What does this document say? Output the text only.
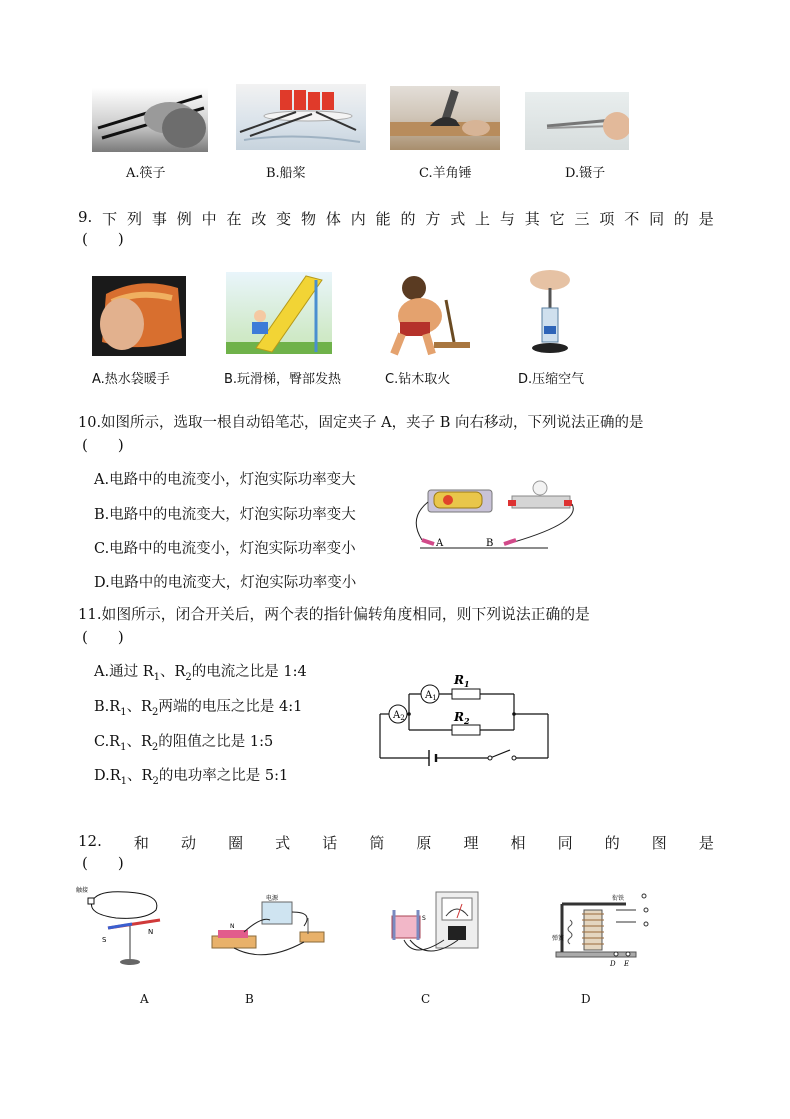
A.筷子	B.船桨	C.羊角锤	D.镊子
9. 下 列 事 例 中 在 改 变 物 体 内 能 的 方 式 上 与 其 它 三 项 不 同 的 是
(　　)
A.热水袋暖手	B.玩滑梯，臀部发热	C.钻木取火	D.压缩空气
10.如图所示，选取一根自动铅笔芯，固定夹子 A，夹子 B 向右移动，下列说法正确的是
(　　)
A.电路中的电流变小，灯泡实际功率变大
B.电路中的电流变大，灯泡实际功率变大
C.电路中的电流变小，灯泡实际功率变小
D.电路中的电流变大，灯泡实际功率变小
A	B
11.如图所示，闭合开关后，两个表的指针偏转角度相同，则下列说法正确的是
(　　)
A.通过 $R_1$、$R_2$的电流之比是 1:4
$B.R_1$、$R_2$两端的电压之比是 4:1
$C.R_1$、$R_2$的阻值之比是 1:5
$D.R_1$、$R_2$的电功率之比是 5:1
$A_2$
$A_1$
$R_1$
$R_2$
12. 和 动 圈 式 话 筒 原 理 相 同 的 图 是
(　　)
触接
S
N
A
电源
N
B
S
C
衔铁
弹簧
D E
D
